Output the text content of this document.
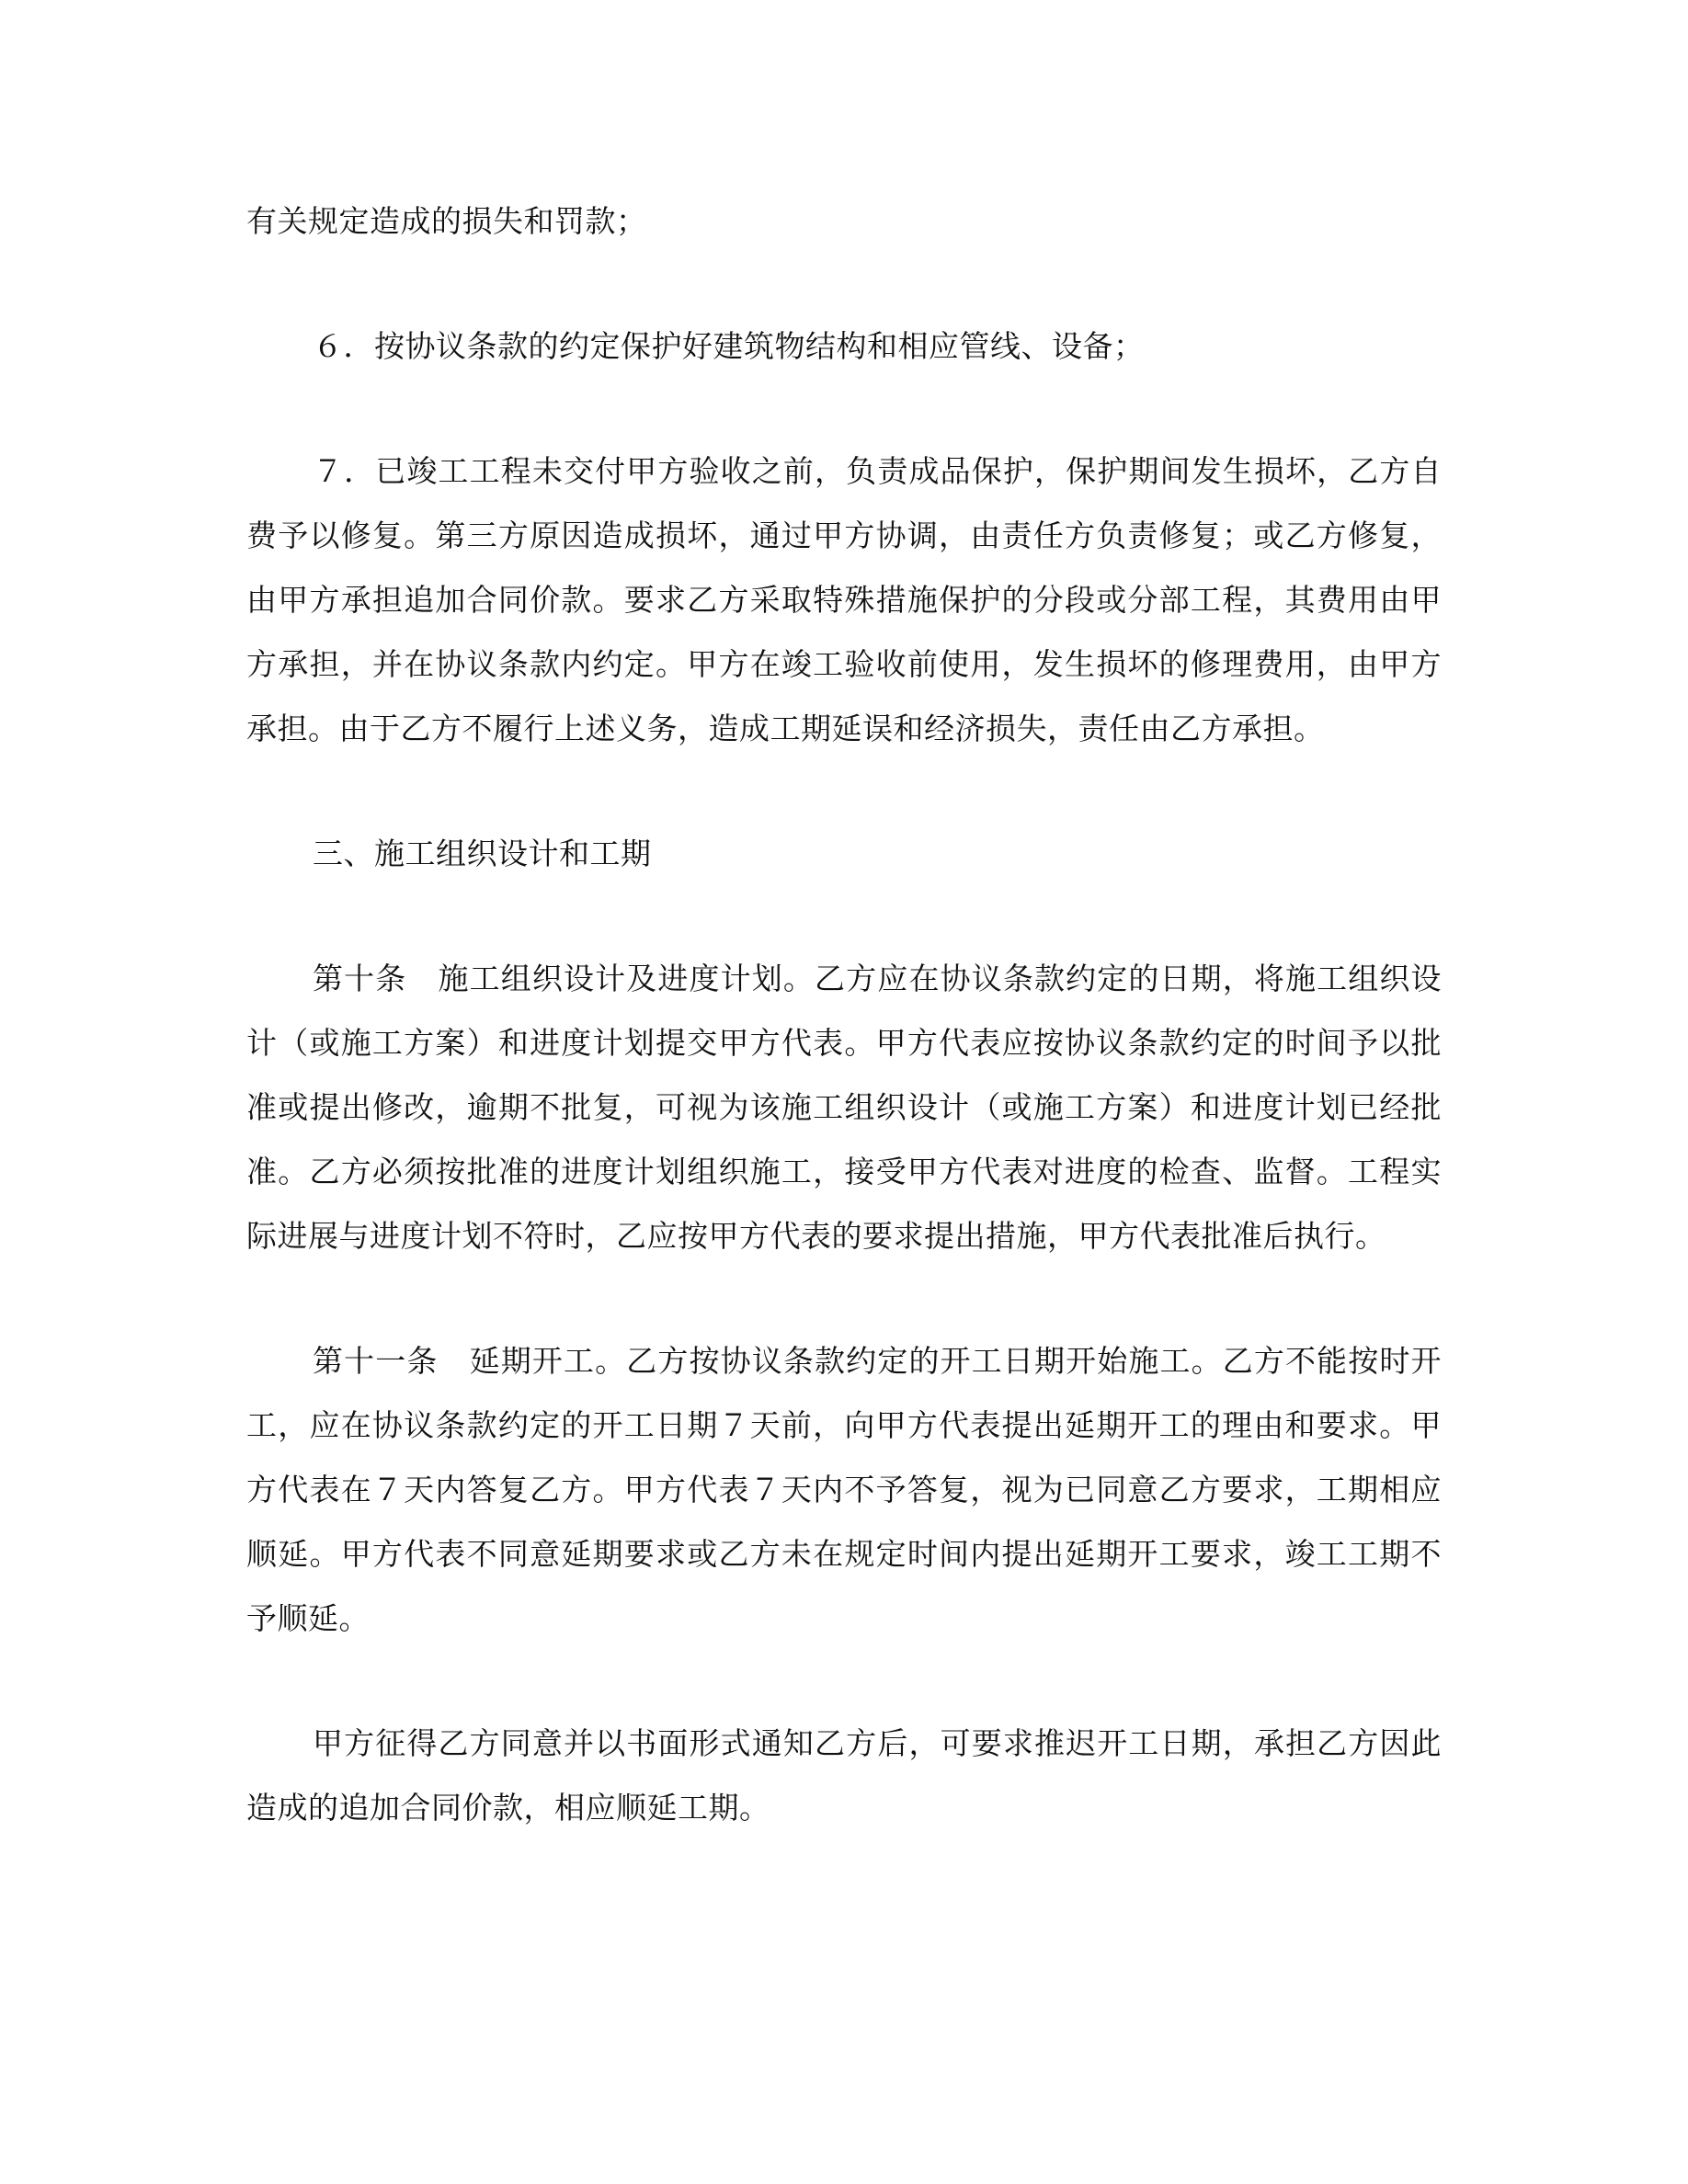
有关规定造成的损失和罚款；

６．按协议条款的约定保护好建筑物结构和相应管线、设备；

７．已竣工工程未交付甲方验收之前，负责成品保护，保护期间发生损坏，乙方自费予以修复。第三方原因造成损坏，通过甲方协调，由责任方负责修复；或乙方修复，由甲方承担追加合同价款。要求乙方采取特殊措施保护的分段或分部工程，其费用由甲方承担，并在协议条款内约定。甲方在竣工验收前使用，发生损坏的修理费用，由甲方承担。由于乙方不履行上述义务，造成工期延误和经济损失，责任由乙方承担。

三、施工组织设计和工期

第十条　施工组织设计及进度计划。乙方应在协议条款约定的日期，将施工组织设计（或施工方案）和进度计划提交甲方代表。甲方代表应按协议条款约定的时间予以批准或提出修改，逾期不批复，可视为该施工组织设计（或施工方案）和进度计划已经批准。乙方必须按批准的进度计划组织施工，接受甲方代表对进度的检查、监督。工程实际进展与进度计划不符时，乙应按甲方代表的要求提出措施，甲方代表批准后执行。

第十一条　延期开工。乙方按协议条款约定的开工日期开始施工。乙方不能按时开工，应在协议条款约定的开工日期７天前，向甲方代表提出延期开工的理由和要求。甲方代表在７天内答复乙方。甲方代表７天内不予答复，视为已同意乙方要求，工期相应顺延。甲方代表不同意延期要求或乙方未在规定时间内提出延期开工要求，竣工工期不予顺延。

甲方征得乙方同意并以书面形式通知乙方后，可要求推迟开工日期，承担乙方因此造成的追加合同价款，相应顺延工期。
